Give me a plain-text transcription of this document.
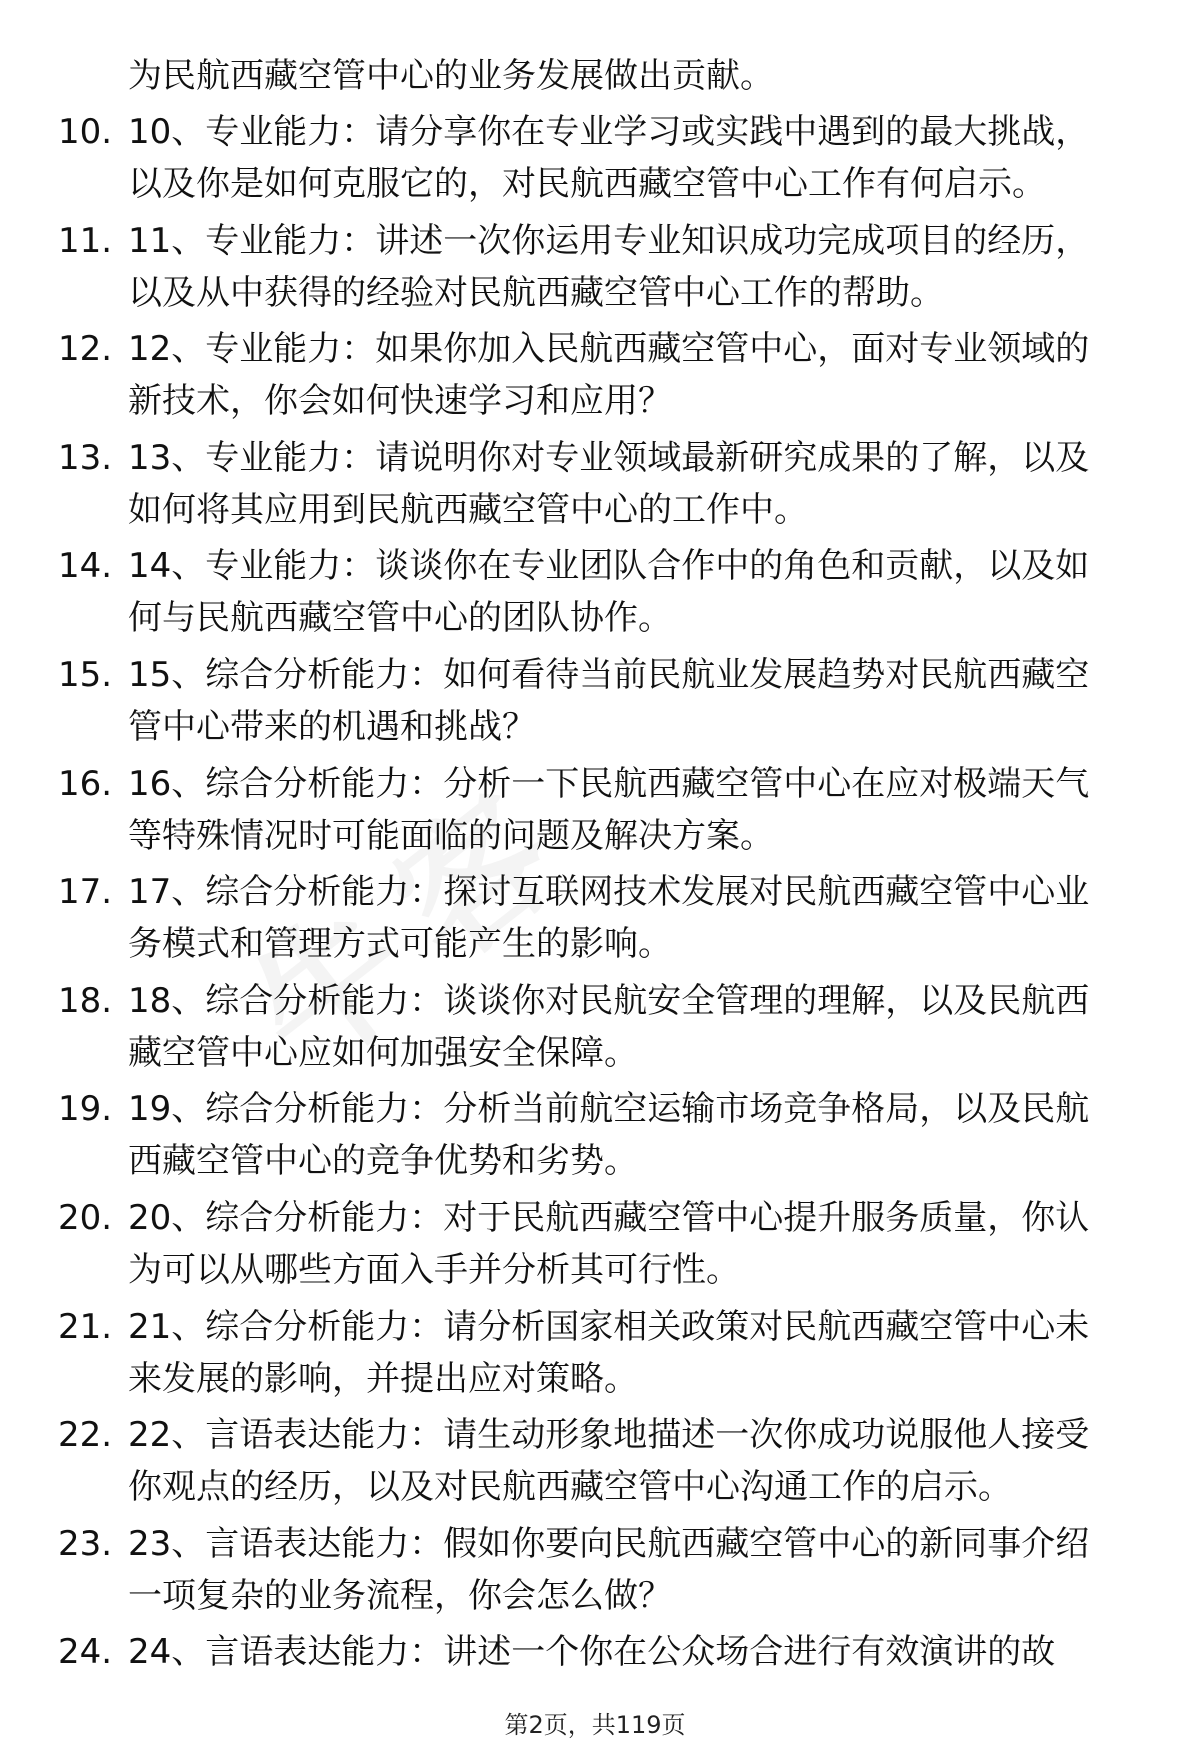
为民航西藏空管中心的业务发展做出贡献。
10. 10、专业能力：请分享你在专业学习或实践中遇到的最大挑战，
以及你是如何克服它的，对民航西藏空管中心工作有何启示。
11. 11、专业能力：讲述一次你运用专业知识成功完成项目的经历，
以及从中获得的经验对民航西藏空管中心工作的帮助。
12. 12、专业能力：如果你加入民航西藏空管中心，面对专业领域的
新技术，你会如何快速学习和应用？
13. 13、专业能力：请说明你对专业领域最新研究成果的了解，以及
如何将其应用到民航西藏空管中心的工作中。
14. 14、专业能力：谈谈你在专业团队合作中的角色和贡献，以及如
何与民航西藏空管中心的团队协作。
15. 15、综合分析能力：如何看待当前民航业发展趋势对民航西藏空
管中心带来的机遇和挑战？
16. 16、综合分析能力：分析一下民航西藏空管中心在应对极端天气
等特殊情况时可能面临的问题及解决方案。
17. 17、综合分析能力：探讨互联网技术发展对民航西藏空管中心业
务模式和管理方式可能产生的影响。
18. 18、综合分析能力：谈谈你对民航安全管理的理解，以及民航西
藏空管中心应如何加强安全保障。
19. 19、综合分析能力：分析当前航空运输市场竞争格局，以及民航
西藏空管中心的竞争优势和劣势。
20. 20、综合分析能力：对于民航西藏空管中心提升服务质量，你认
为可以从哪些方面入手并分析其可行性。
21. 21、综合分析能力：请分析国家相关政策对民航西藏空管中心未
来发展的影响，并提出应对策略。
22. 22、言语表达能力：请生动形象地描述一次你成功说服他人接受
你观点的经历，以及对民航西藏空管中心沟通工作的启示。
23. 23、言语表达能力：假如你要向民航西藏空管中心的新同事介绍
一项复杂的业务流程，你会怎么做？
24. 24、言语表达能力：讲述一个你在公众场合进行有效演讲的故
第2页，共119页
